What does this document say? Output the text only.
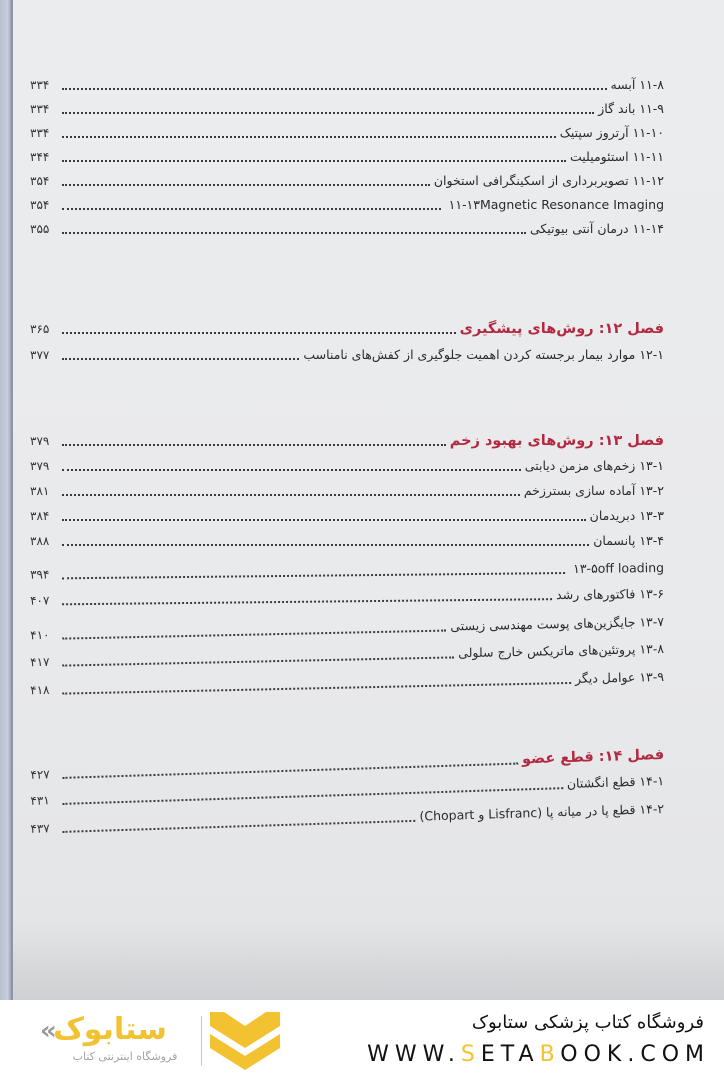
۱۱-۸آبسه
۳۳۴
۱۱-۹باند گاز
۳۳۴
۱۱-۱۰آرتروز سپتیک
۳۳۴
۱۱-۱۱استئومیلیت
۳۴۴
۱۱-۱۲تصویربرداری از اسکینگرافی استخوان
۳۵۴
۱۱-۱۳Magnetic Resonance Imaging
۳۵۴
۱۱-۱۴درمان آنتی بیوتیکی
۳۵۵
فصل ۱۲: روش‌های پیشگیری
۳۶۵
۱۲-۱موارد بیمار برجسته کردن اهمیت جلوگیری از کفش‌های نامناسب
۳۷۷
فصل ۱۳: روش‌های بهبود زخم
۳۷۹
۱۳-۱زخم‌های مزمن دیابتی
۳۷۹
۱۳-۲آماده سازی بسترزخم
۳۸۱
۱۳-۳دبریدمان
۳۸۴
۱۳-۴پانسمان
۳۸۸
۱۳-۵off loading
۳۹۴
۱۳-۶فاکتورهای رشد
۴۰۷
۱۳-۷جایگزین‌های پوست مهندسی زیستی
۴۱۰
۱۳-۸پروتئین‌های ماتریکس خارج سلولی
۴۱۷
۱۳-۹عوامل دیگر
۴۱۸
فصل ۱۴: قطع عضو
۴۲۷	۱۴-۱قطع انگشتان
۴۳۱
۱۴-۲قطع پا در میانه پا (Lisfranc و Chopart)
۴۳۷
ستابوک
«
فروشگاه اینترنتی کتاب
فروشگاه کتاب پزشکی ستابوک
WWW.SETABOOK.COM
